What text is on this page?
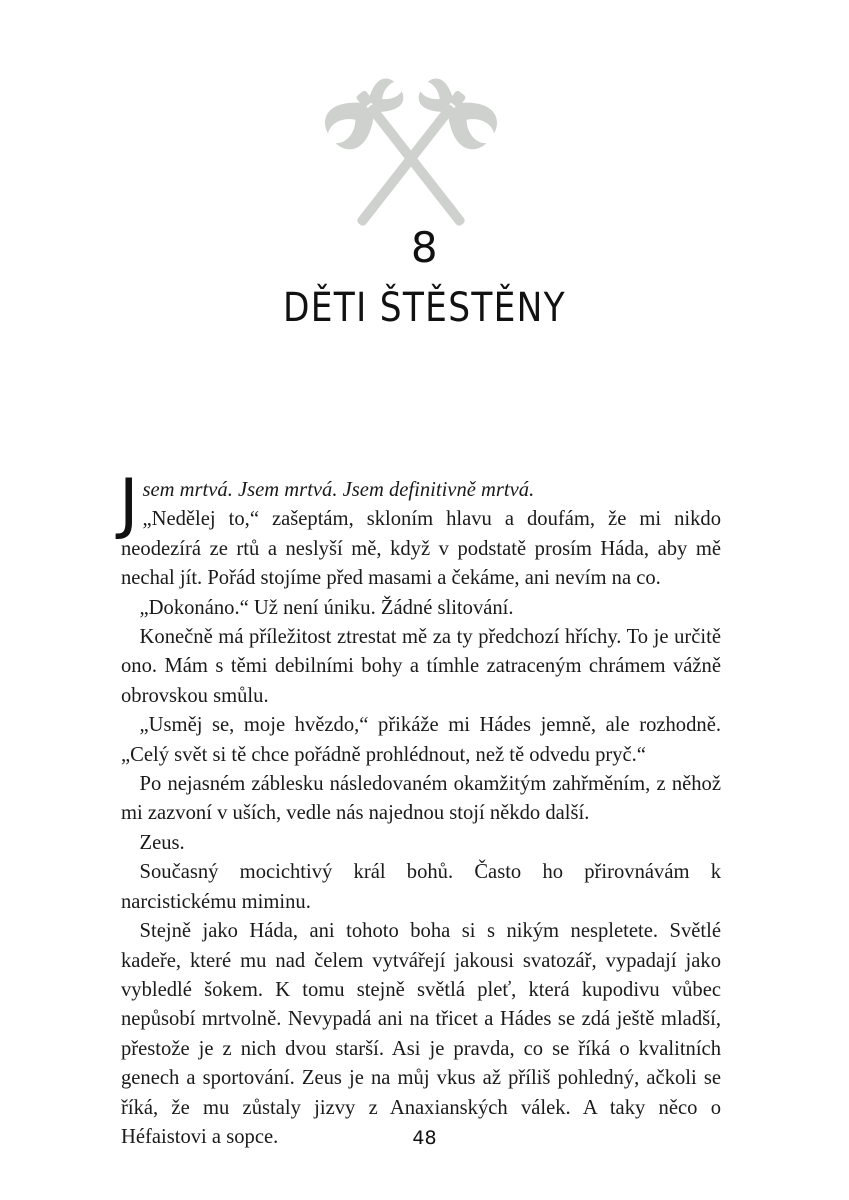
8
DĚTI ŠTĚSTĚNY

Jsem mrtvá. Jsem mrtvá. Jsem definitivně mrtvá.
„Nedělej to,“ zašeptám, skloním hlavu a doufám, že mi nikdo neodezírá ze rtů a neslyší mě, když v podstatě prosím Háda, aby mě nechal jít. Pořád stojíme před masami a čekáme, ani nevím na co.

„Dokonáno.“ Už není úniku. Žádné slitování.

Konečně má příležitost ztrestat mě za ty předchozí hříchy. To je určitě ono. Mám s těmi debilními bohy a tímhle zatraceným chrámem vážně obrovskou smůlu.

„Usměj se, moje hvězdo,“ přikáže mi Hádes jemně, ale rozhodně. „Celý svět si tě chce pořádně prohlédnout, než tě odvedu pryč.“

Po nejasném záblesku následovaném okamžitým zahřměním, z něhož mi zazvoní v uších, vedle nás najednou stojí někdo další.

Zeus.

Současný mocichtivý král bohů. Často ho přirovnávám k narcistickému miminu.

Stejně jako Háda, ani tohoto boha si s nikým nespletete. Světlé kadeře, které mu nad čelem vytvářejí jakousi svatozář, vypadají jako vybledlé šokem. K tomu stejně světlá pleť, která kupodivu vůbec nepůsobí mrtvolně. Nevypadá ani na třicet a Hádes se zdá ještě mladší, přestože je z nich dvou starší. Asi je pravda, co se říká o kvalitních genech a sportování. Zeus je na můj vkus až příliš pohledný, ačkoli se říká, že mu zůstaly jizvy z Anaxianských válek. A taky něco o Héfaistovi a sopce.	48
